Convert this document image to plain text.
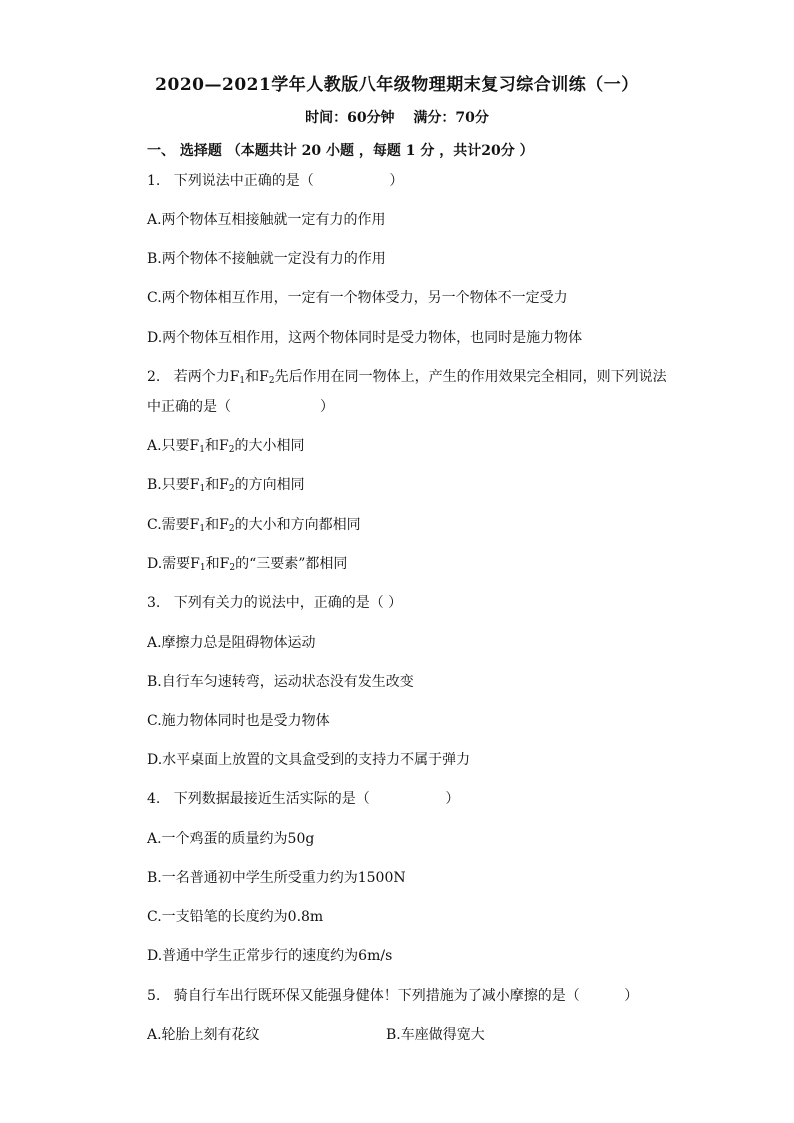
2020—2021学年人教版八年级物理期末复习综合训练（一）
时间：60分钟　 满分：70分
一、 选择题 （本题共计 20 小题 ，每题 1 分 ，共计20分 ）
1.   下列说法中正确的是（                 ）
A.两个物体互相接触就一定有力的作用
B.两个物体不接触就一定没有力的作用
C.两个物体相互作用，一定有一个物体受力，另一个物体不一定受力
D.两个物体互相作用，这两个物体同时是受力物体，也同时是施力物体
2.   若两个力$F_1$和$F_2$先后作用在同一物体上，产生的作用效果完全相同，则下列说法
中正确的是（                    ）
A.只要$F_1$和$F_2$的大小相同
B.只要$F_1$和$F_2$的方向相同
C.需要$F_1$和$F_2$的大小和方向都相同
D.需要$F_1$和$F_2$的“三要素”都相同
3.   下列有关力的说法中，正确的是（ ）
A.摩擦力总是阻碍物体运动
B.自行车匀速转弯，运动状态没有发生改变
C.施力物体同时也是受力物体
D.水平桌面上放置的文具盒受到的支持力不属于弹力
4.   下列数据最接近生活实际的是（                 ）
A.一个鸡蛋的质量约为50g
B.一名普通初中学生所受重力约为1500N
C.一支铅笔的长度约为0.8m
D.普通中学生正常步行的速度约为6m/s
5.   骑自行车出行既环保又能强身健体！下列措施为了减小摩擦的是（          ）
A.轮胎上刻有花纹	B.车座做得宽大
